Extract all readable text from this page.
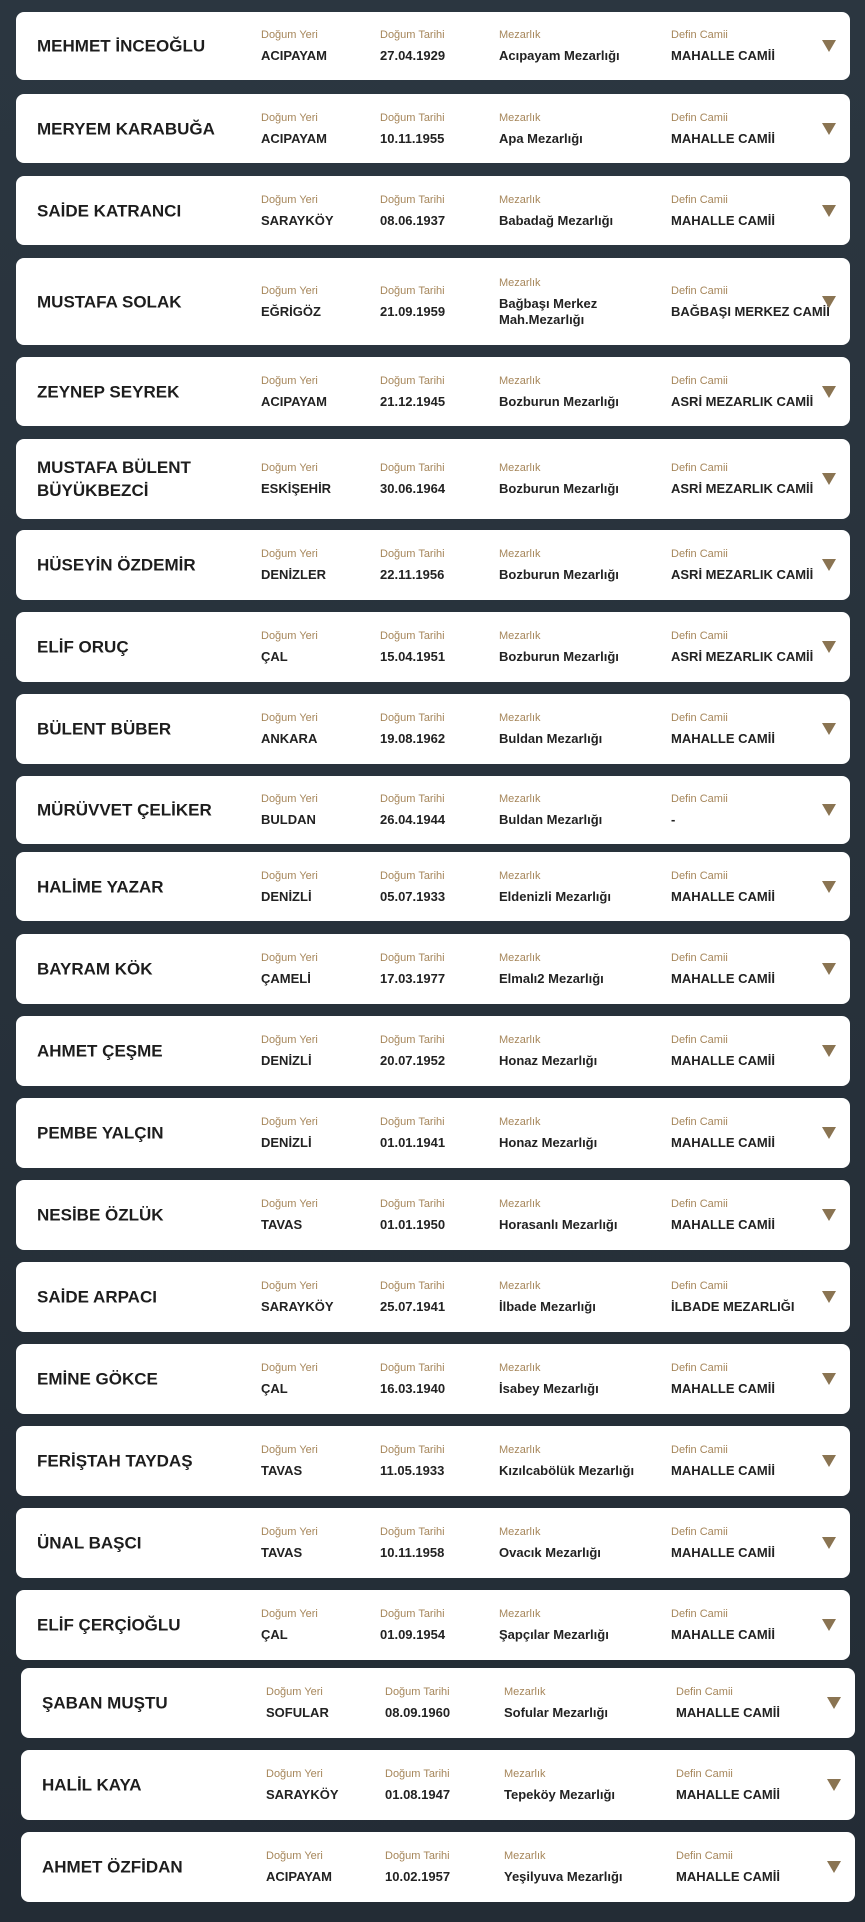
MEHMET İNCEOĞLU
Doğum Yeri
ACIPAYAM
Doğum Tarihi
27.04.1929
Mezarlık
Acıpayam Mezarlığı
Defin Camii
MAHALLE CAMİİ
MERYEM KARABUĞA
Doğum Yeri
ACIPAYAM
Doğum Tarihi
10.11.1955
Mezarlık
Apa Mezarlığı
Defin Camii
MAHALLE CAMİİ
SAİDE KATRANCI
Doğum Yeri
SARAYKÖY
Doğum Tarihi
08.06.1937
Mezarlık
Babadağ Mezarlığı
Defin Camii
MAHALLE CAMİİ
MUSTAFA SOLAK
Doğum Yeri
EĞRİGÖZ
Doğum Tarihi
21.09.1959
Mezarlık
Bağbaşı Merkez Mah.Mezarlığı
Defin Camii
BAĞBAŞI MERKEZ CAMİİ
ZEYNEP SEYREK
Doğum Yeri
ACIPAYAM
Doğum Tarihi
21.12.1945
Mezarlık
Bozburun Mezarlığı
Defin Camii
ASRİ MEZARLIK CAMİİ
MUSTAFA BÜLENT BÜYÜKBEZCİ
Doğum Yeri
ESKİŞEHİR
Doğum Tarihi
30.06.1964
Mezarlık
Bozburun Mezarlığı
Defin Camii
ASRİ MEZARLIK CAMİİ
HÜSEYİN ÖZDEMİR
Doğum Yeri
DENİZLER
Doğum Tarihi
22.11.1956
Mezarlık
Bozburun Mezarlığı
Defin Camii
ASRİ MEZARLIK CAMİİ
ELİF ORUÇ
Doğum Yeri
ÇAL
Doğum Tarihi
15.04.1951
Mezarlık
Bozburun Mezarlığı
Defin Camii
ASRİ MEZARLIK CAMİİ
BÜLENT BÜBER
Doğum Yeri
ANKARA
Doğum Tarihi
19.08.1962
Mezarlık
Buldan Mezarlığı
Defin Camii
MAHALLE CAMİİ
MÜRÜVVET ÇELİKER
Doğum Yeri
BULDAN
Doğum Tarihi
26.04.1944
Mezarlık
Buldan Mezarlığı
Defin Camii
-
HALİME YAZAR
Doğum Yeri
DENİZLİ
Doğum Tarihi
05.07.1933
Mezarlık
Eldenizli Mezarlığı
Defin Camii
MAHALLE CAMİİ
BAYRAM KÖK
Doğum Yeri
ÇAMELİ
Doğum Tarihi
17.03.1977
Mezarlık
Elmalı2 Mezarlığı
Defin Camii
MAHALLE CAMİİ
AHMET ÇEŞME
Doğum Yeri
DENİZLİ
Doğum Tarihi
20.07.1952
Mezarlık
Honaz Mezarlığı
Defin Camii
MAHALLE CAMİİ
PEMBE YALÇIN
Doğum Yeri
DENİZLİ
Doğum Tarihi
01.01.1941
Mezarlık
Honaz Mezarlığı
Defin Camii
MAHALLE CAMİİ
NESİBE ÖZLÜK
Doğum Yeri
TAVAS
Doğum Tarihi
01.01.1950
Mezarlık
Horasanlı Mezarlığı
Defin Camii
MAHALLE CAMİİ
SAİDE ARPACI
Doğum Yeri
SARAYKÖY
Doğum Tarihi
25.07.1941
Mezarlık
İlbade Mezarlığı
Defin Camii
İLBADE MEZARLIĞI
EMİNE GÖKCE
Doğum Yeri
ÇAL
Doğum Tarihi
16.03.1940
Mezarlık
İsabey Mezarlığı
Defin Camii
MAHALLE CAMİİ
FERİŞTAH TAYDAŞ
Doğum Yeri
TAVAS
Doğum Tarihi
11.05.1933
Mezarlık
Kızılcabölük Mezarlığı
Defin Camii
MAHALLE CAMİİ
ÜNAL BAŞCI
Doğum Yeri
TAVAS
Doğum Tarihi
10.11.1958
Mezarlık
Ovacık Mezarlığı
Defin Camii
MAHALLE CAMİİ
ELİF ÇERÇİOĞLU
Doğum Yeri
ÇAL
Doğum Tarihi
01.09.1954
Mezarlık
Şapçılar Mezarlığı
Defin Camii
MAHALLE CAMİİ
ŞABAN MUŞTU
Doğum Yeri
SOFULAR
Doğum Tarihi
08.09.1960
Mezarlık
Sofular Mezarlığı
Defin Camii
MAHALLE CAMİİ
HALİL KAYA
Doğum Yeri
SARAYKÖY
Doğum Tarihi
01.08.1947
Mezarlık
Tepeköy Mezarlığı
Defin Camii
MAHALLE CAMİİ
AHMET ÖZFİDAN
Doğum Yeri
ACIPAYAM
Doğum Tarihi
10.02.1957
Mezarlık
Yeşilyuva Mezarlığı
Defin Camii
MAHALLE CAMİİ
